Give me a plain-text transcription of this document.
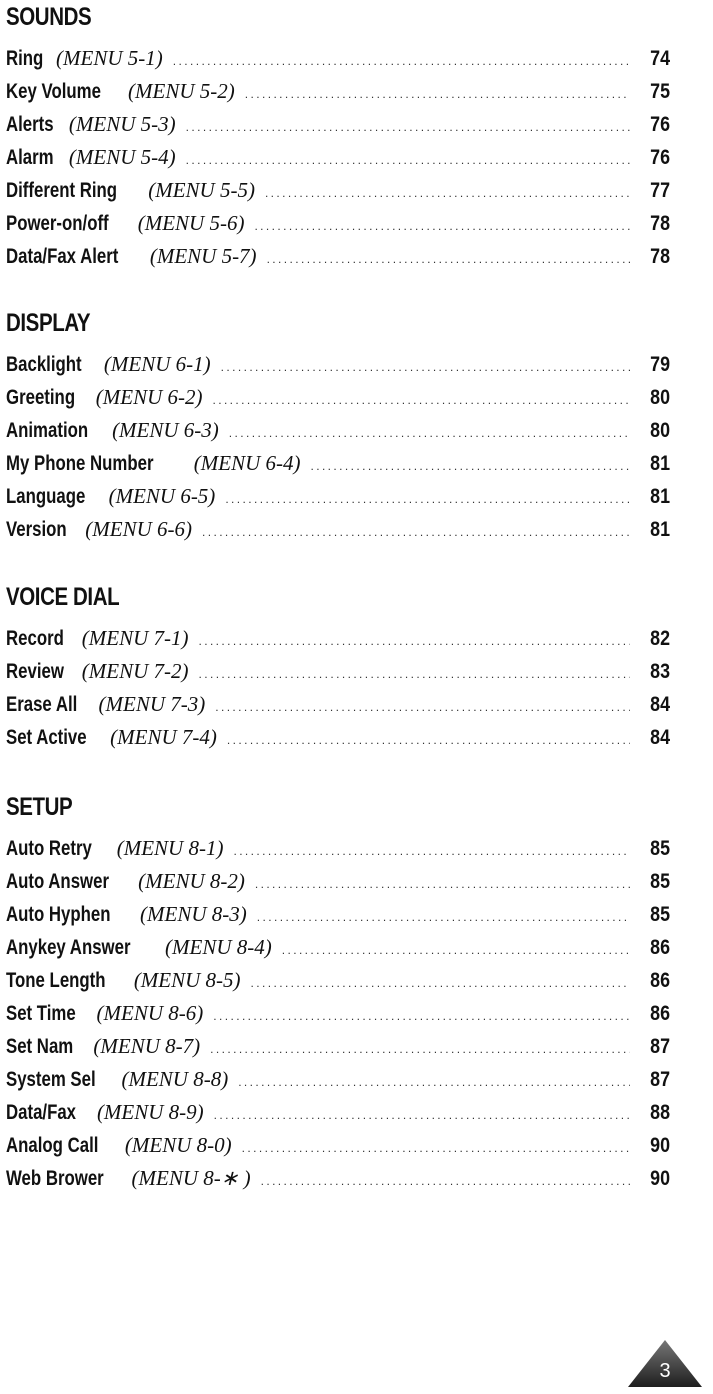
SOUNDS
Ring (MENU 5-1) .....	74
Key Volume (MENU 5-2) .....	75
Alerts (MENU 5-3) .....	76
Alarm (MENU 5-4) .....	76
Different Ring (MENU 5-5) .....	77
Power-on/off (MENU 5-6) .....	78
Data/Fax Alert (MENU 5-7) .....	78
DISPLAY
Backlight (MENU 6-1) .....	79
Greeting (MENU 6-2) .....	80
Animation (MENU 6-3) .....	80
My Phone Number (MENU 6-4) .....	81
Language (MENU 6-5) .....	81
Version (MENU 6-6) .....	81
VOICE DIAL
Record (MENU 7-1) .....	82
Review (MENU 7-2) .....	83
Erase All (MENU 7-3) .....	84
Set Active (MENU 7-4) .....	84
SETUP
Auto Retry (MENU 8-1) .....	85
Auto Answer (MENU 8-2) .....	85
Auto Hyphen (MENU 8-3) .....	85
Anykey Answer (MENU 8-4) .....	86
Tone Length (MENU 8-5) .....	86
Set Time (MENU 8-6) .....	86
Set Nam (MENU 8-7) .....	87
System Sel (MENU 8-8) .....	87
Data/Fax (MENU 8-9) .....	88
Analog Call (MENU 8-0) .....	90
Web Brower (MENU 8-∗ ) .....	90
3
